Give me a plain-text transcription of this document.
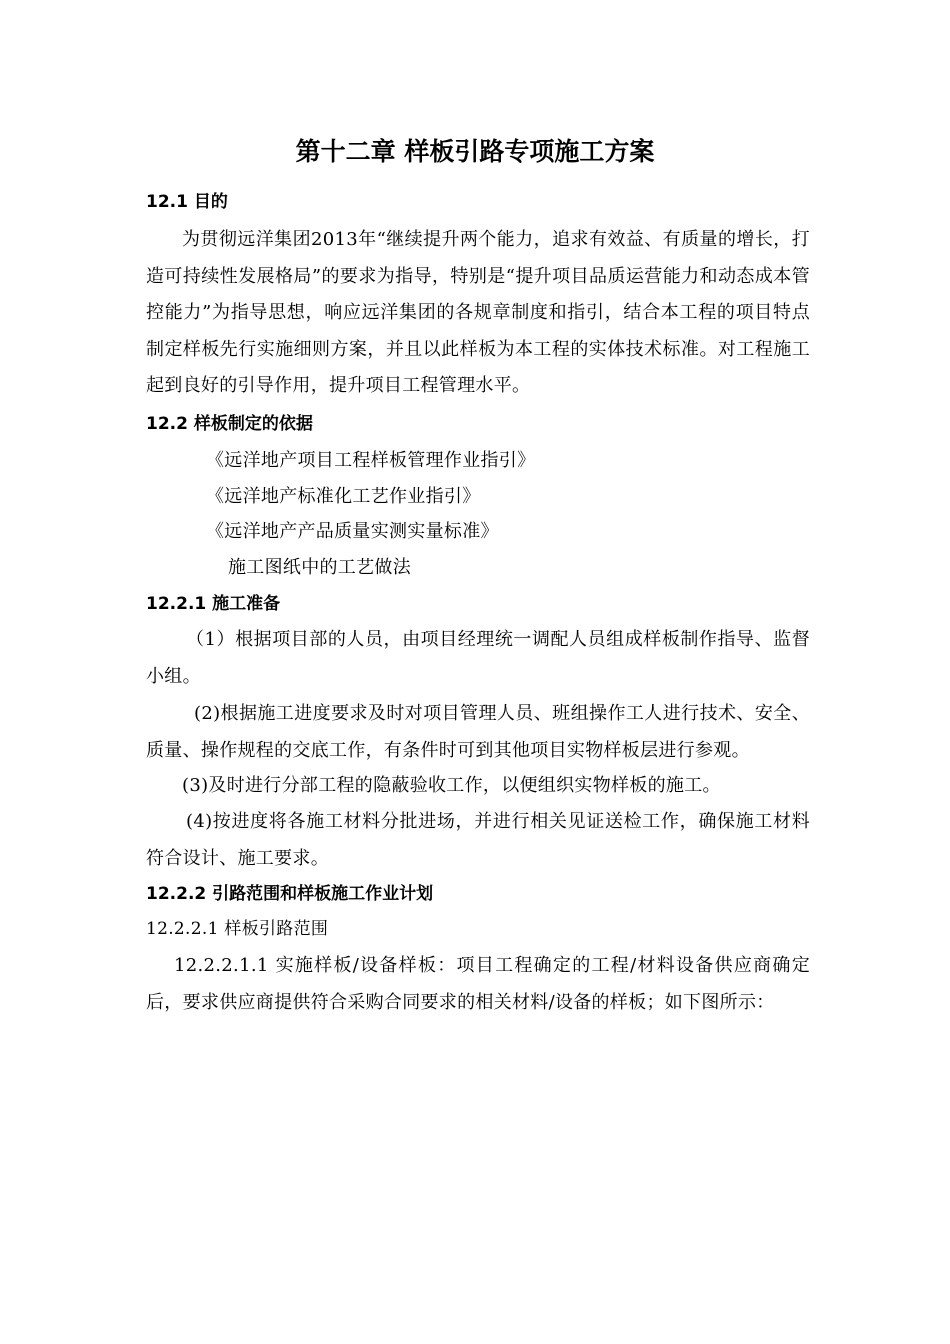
第十二章 样板引路专项施工方案
12.1 目的

为贯彻远洋集团2013年“继续提升两个能力，追求有效益、有质量的增长，打造可持续性发展格局”的要求为指导，特别是“提升项目品质运营能力和动态成本管控能力”为指导思想，响应远洋集团的各规章制度和指引，结合本工程的项目特点制定样板先行实施细则方案，并且以此样板为本工程的实体技术标准。对工程施工起到良好的引导作用，提升项目工程管理水平。

12.2 样板制定的依据
《远洋地产项目工程样板管理作业指引》
《远洋地产标准化工艺作业指引》
《远洋地产产品质量实测实量标准》
施工图纸中的工艺做法
12.2.1 施工准备

（1）根据项目部的人员，由项目经理统一调配人员组成样板制作指导、监督小组。

(2)根据施工进度要求及时对项目管理人员、班组操作工人进行技术、安全、质量、操作规程的交底工作，有条件时可到其他项目实物样板层进行参观。

(3)及时进行分部工程的隐蔽验收工作，以便组织实物样板的施工。

(4)按进度将各施工材料分批进场，并进行相关见证送检工作，确保施工材料符合设计、施工要求。

12.2.2 引路范围和样板施工作业计划
12.2.2.1 样板引路范围

12.2.2.1.1 实施样板/设备样板：项目工程确定的工程/材料设备供应商确定后，要求供应商提供符合采购合同要求的相关材料/设备的样板；如下图所示：
